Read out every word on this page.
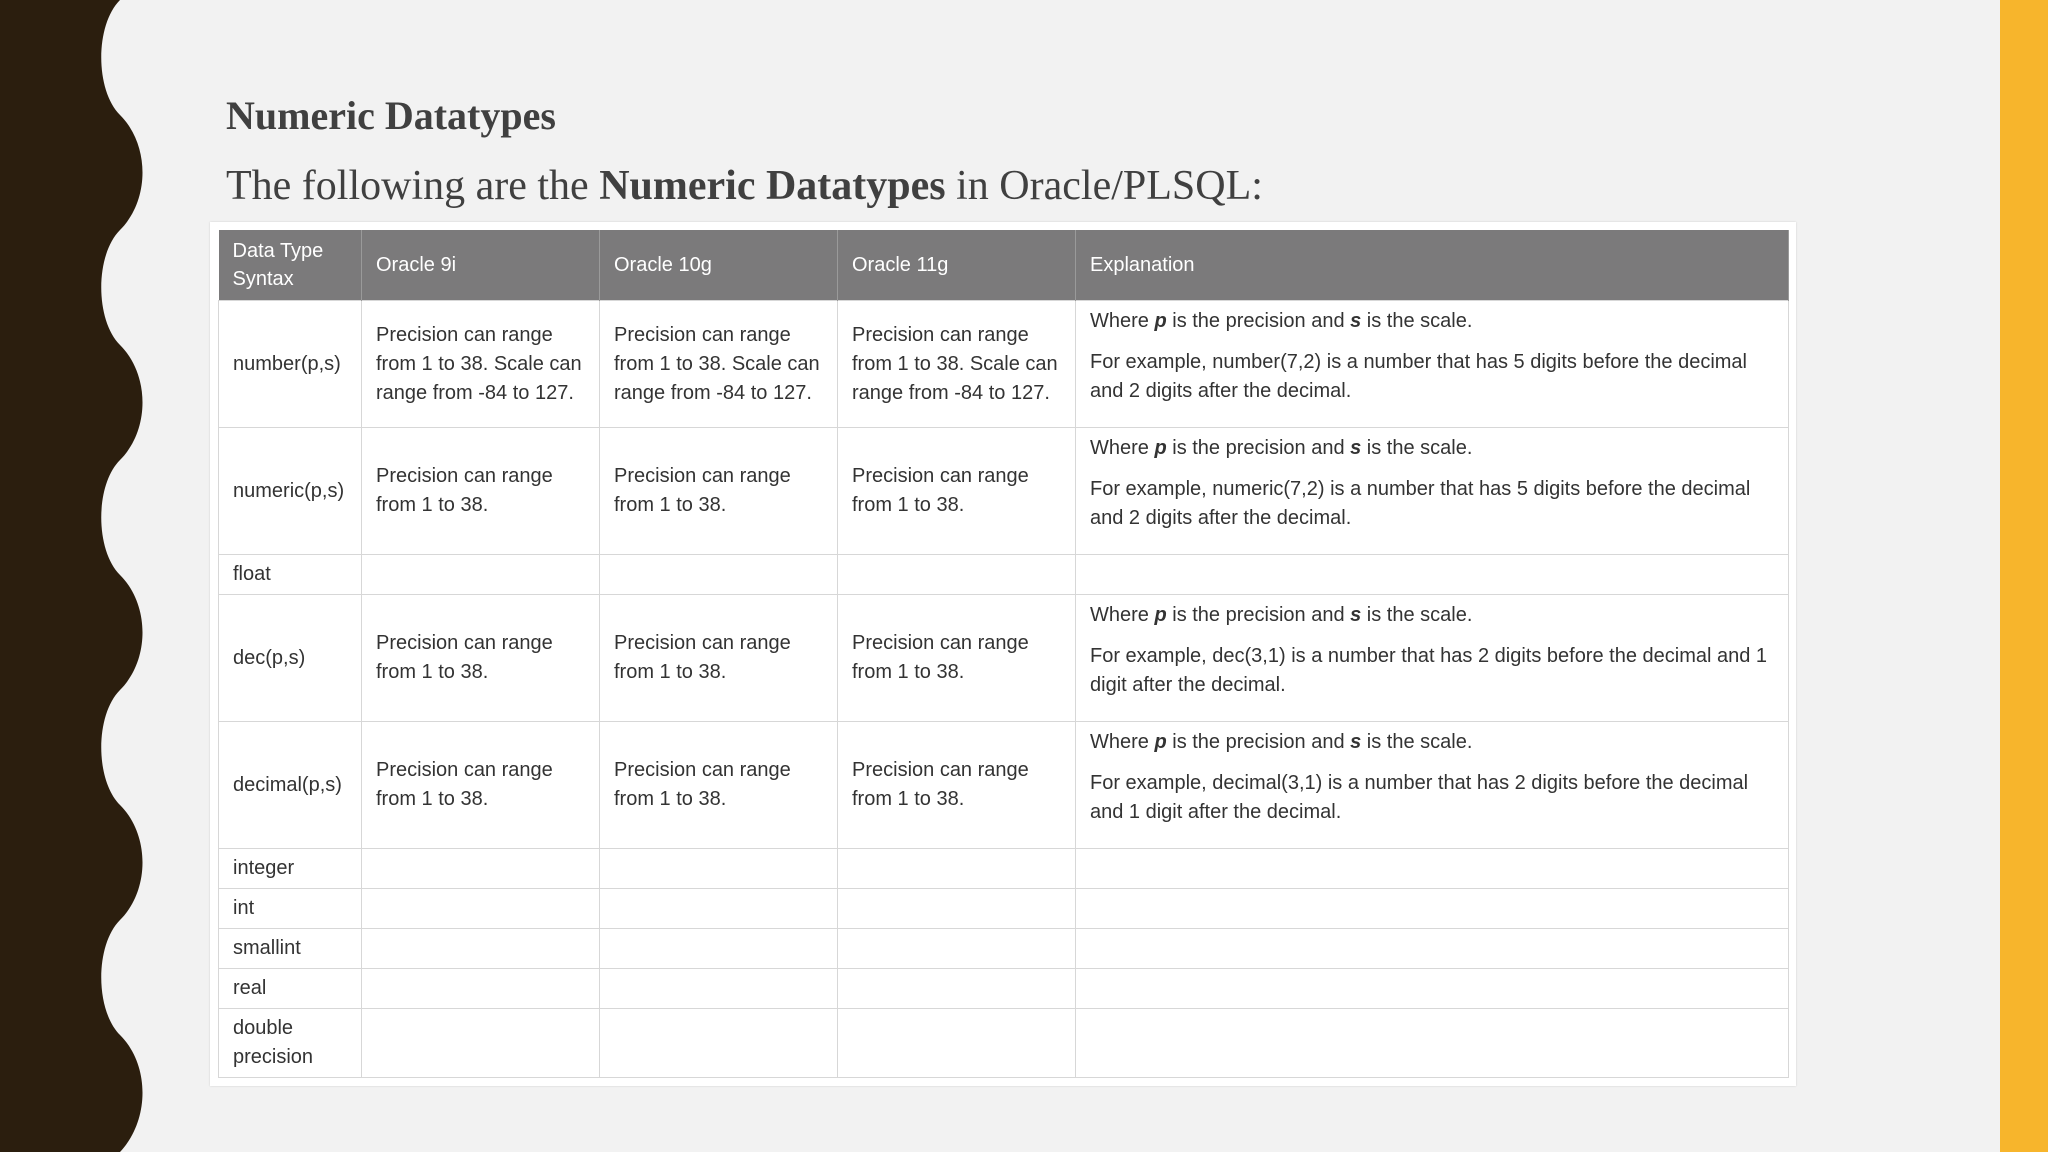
Numeric Datatypes

The following are the Numeric Datatypes in Oracle/PLSQL:

Data Type Syntax	Oracle 9i	Oracle 10g	Oracle 11g	Explanation
number(p,s)	Precision can range from 1 to 38. Scale can range from -84 to 127.	Precision can range from 1 to 38. Scale can range from -84 to 127.	Precision can range from 1 to 38. Scale can range from -84 to 127.	Where p is the precision and s is the scale.

For example, number(7,2) is a number that has 5 digits before the decimal and 2 digits after the decimal.

numeric(p,s)	Precision can range from 1 to 38.	Precision can range from 1 to 38.	Precision can range from 1 to 38.	Where p is the precision and s is the scale.

For example, numeric(7,2) is a number that has 5 digits before the decimal and 2 digits after the decimal.

float				
dec(p,s)	Precision can range from 1 to 38.	Precision can range from 1 to 38.	Precision can range from 1 to 38.	Where p is the precision and s is the scale.

For example, dec(3,1) is a number that has 2 digits before the decimal and 1 digit after the decimal.

decimal(p,s)	Precision can range from 1 to 38.	Precision can range from 1 to 38.	Precision can range from 1 to 38.	Where p is the precision and s is the scale.

For example, decimal(3,1) is a number that has 2 digits before the decimal and 1 digit after the decimal.

integer				
int				
smallint				
real				
double precision				
